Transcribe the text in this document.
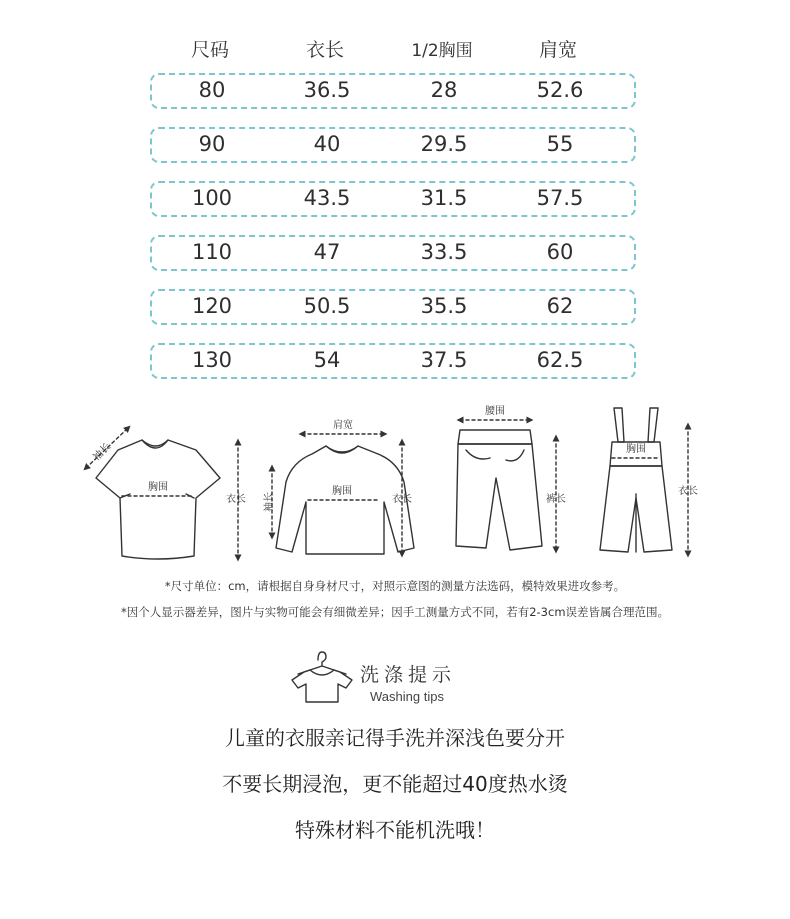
尺码	衣长	1/2胸围	肩宽
80	36.5	28	52.6
90	40	29.5	55
100	43.5	31.5	57.5
110	47	33.5	60
120	50.5	35.5	62
130	54	37.5	62.5
袖长
胸围
衣长
肩宽
袖长
胸围
衣长
腰围
裤长
胸围
衣长
*尺寸单位：cm，请根据自身身材尺寸，对照示意图的测量方法选码，模特效果进攻参考。
*因个人显示器差异，图片与实物可能会有细微差异；因手工测量方式不同，若有2-3cm误差皆属合理范围。
洗涤提示
Washing tips
儿童的衣服亲记得手洗并深浅色要分开
不要长期浸泡，更不能超过40度热水烫
特殊材料不能机洗哦！
